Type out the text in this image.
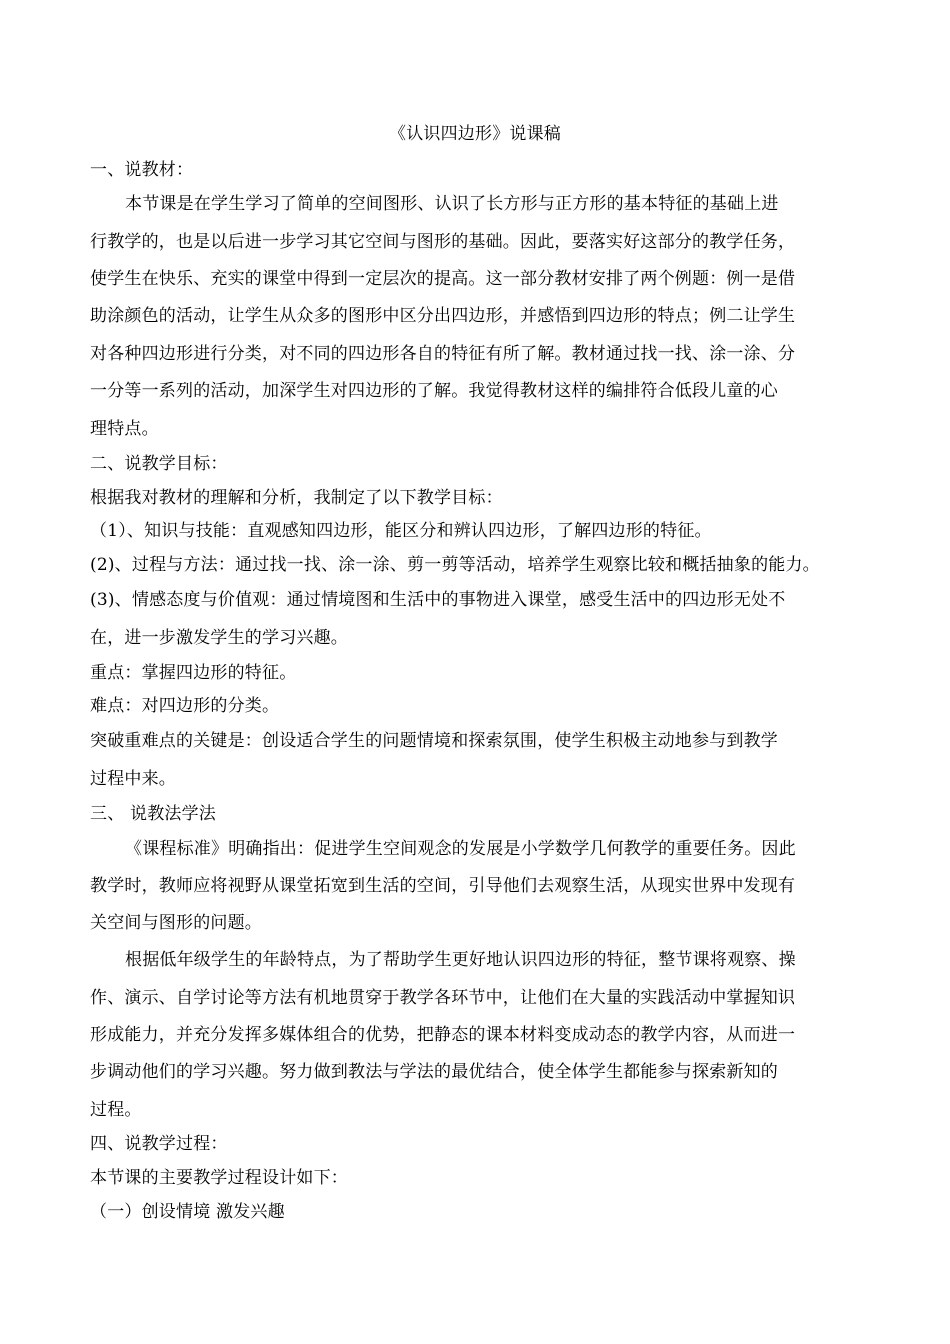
《认识四边形》说课稿
一、说教材：
本节课是在学生学习了简单的空间图形、认识了长方形与正方形的基本特征的基础上进
行教学的，也是以后进一步学习其它空间与图形的基础。因此，要落实好这部分的教学任务，
使学生在快乐、充实的课堂中得到一定层次的提高。这一部分教材安排了两个例题：例一是借
助涂颜色的活动，让学生从众多的图形中区分出四边形，并感悟到四边形的特点；例二让学生
对各种四边形进行分类，对不同的四边形各自的特征有所了解。教材通过找一找、涂一涂、分
一分等一系列的活动，加深学生对四边形的了解。我觉得教材这样的编排符合低段儿童的心
理特点。
二、说教学目标：
根据我对教材的理解和分析，我制定了以下教学目标：
（1）、知识与技能：直观感知四边形，能区分和辨认四边形，了解四边形的特征。
(2)、过程与方法：通过找一找、涂一涂、剪一剪等活动，培养学生观察比较和概括抽象的能力。
(3)、情感态度与价值观：通过情境图和生活中的事物进入课堂，感受生活中的四边形无处不
在，进一步激发学生的学习兴趣。
重点：掌握四边形的特征。
难点：对四边形的分类。
突破重难点的关键是：创设适合学生的问题情境和探索氛围，使学生积极主动地参与到教学
过程中来。
三、 说教法学法
《课程标准》明确指出：促进学生空间观念的发展是小学数学几何教学的重要任务。因此
教学时，教师应将视野从课堂拓宽到生活的空间，引导他们去观察生活，从现实世界中发现有
关空间与图形的问题。
根据低年级学生的年龄特点，为了帮助学生更好地认识四边形的特征，整节课将观察、操
作、演示、自学讨论等方法有机地贯穿于教学各环节中，让他们在大量的实践活动中掌握知识
形成能力，并充分发挥多媒体组合的优势，把静态的课本材料变成动态的教学内容，从而进一
步调动他们的学习兴趣。努力做到教法与学法的最优结合，使全体学生都能参与探索新知的
过程。
四、说教学过程：
本节课的主要教学过程设计如下：
（一）创设情境 激发兴趣
